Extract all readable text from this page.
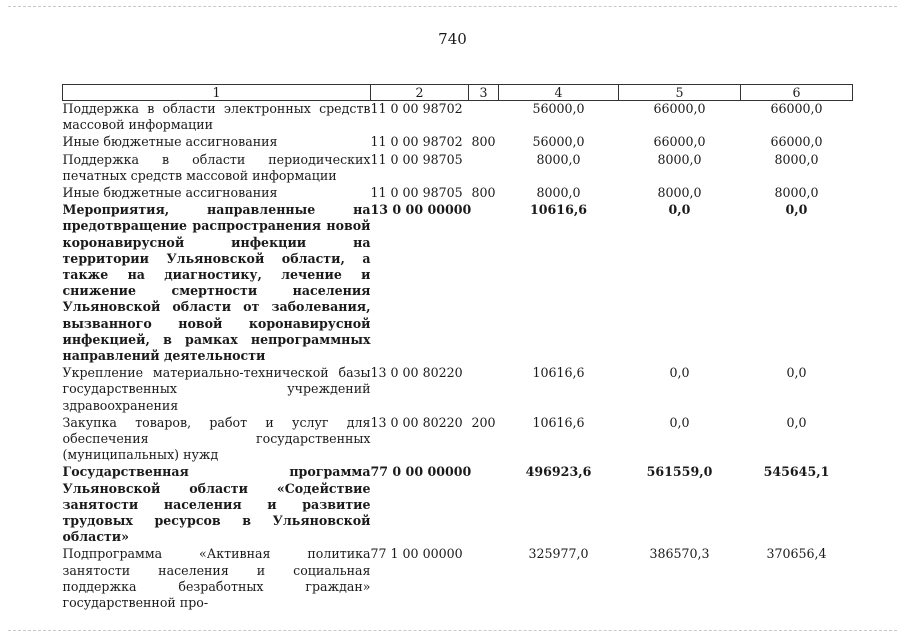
740
1	2	3	4	5	6
Поддержка в области электронных средств массовой информации	11 0 00 98702		56000,0	66000,0	66000,0
Иные бюджетные ассигнования	11 0 00 98702	800	56000,0	66000,0	66000,0
Поддержка в области периодических печатных средств массовой информации	11 0 00 98705		8000,0	8000,0	8000,0
Иные бюджетные ассигнования	11 0 00 98705	800	8000,0	8000,0	8000,0
Мероприятия, направленные на предотвращение распространения новой коронавирусной инфекции на территории Ульяновской области, а также на диагностику, лечение и снижение смертности населения Ульяновской области от заболевания, вызванного новой коронавирусной инфекцией, в рамках непрограммных направлений деятельности	13 0 00 00000		10616,6	0,0	0,0
Укрепление материально-технической базы государственных учреждений здравоохранения	13 0 00 80220		10616,6	0,0	0,0
Закупка товаров, работ и услуг для обеспечения государственных (муниципальных) нужд	13 0 00 80220	200	10616,6	0,0	0,0
Государственная программа Ульяновской области «Содействие занятости населения и развитие трудовых ресурсов в Ульяновской области»	77 0 00 00000		496923,6	561559,0	545645,1
Подпрограмма «Активная политика занятости населения и социальная поддержка безработных граждан» государственной про-	77 1 00 00000		325977,0	386570,3	370656,4
